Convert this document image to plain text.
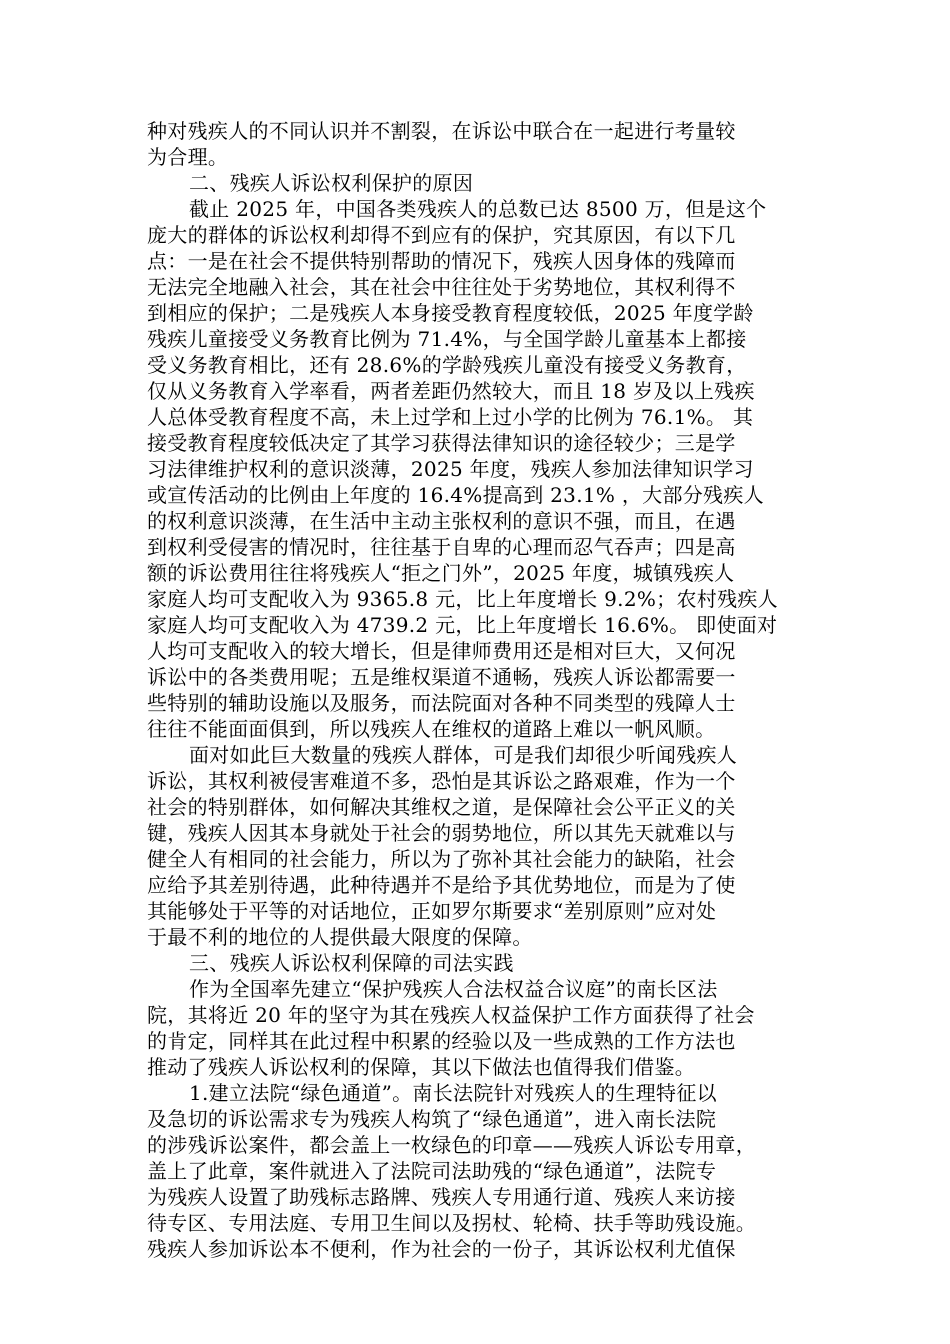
种对残疾人的不同认识并不割裂，在诉讼中联合在一起进行考量较
为合理。
二、残疾人诉讼权利保护的原因
截止 2025 年，中国各类残疾人的总数已达 8500 万，但是这个
庞大的群体的诉讼权利却得不到应有的保护，究其原因，有以下几
点：一是在社会不提供特别帮助的情况下，残疾人因身体的残障而
无法完全地融入社会，其在社会中往往处于劣势地位，其权利得不
到相应的保护；二是残疾人本身接受教育程度较低，2025 年度学龄
残疾儿童接受义务教育比例为 71.4%，与全国学龄儿童基本上都接
受义务教育相比，还有 28.6%的学龄残疾儿童没有接受义务教育，
仅从义务教育入学率看，两者差距仍然较大，而且 18 岁及以上残疾
人总体受教育程度不高，未上过学和上过小学的比例为 76.1%。 其
接受教育程度较低决定了其学习获得法律知识的途径较少；三是学
习法律维护权利的意识淡薄，2025 年度，残疾人参加法律知识学习
或宣传活动的比例由上年度的 16.4%提高到 23.1% ，大部分残疾人
的权利意识淡薄，在生活中主动主张权利的意识不强，而且，在遇
到权利受侵害的情况时，往往基于自卑的心理而忍气吞声；四是高
额的诉讼费用往往将残疾人“拒之门外”，2025 年度，城镇残疾人
家庭人均可支配收入为 9365.8 元，比上年度增长 9.2%；农村残疾人
家庭人均可支配收入为 4739.2 元，比上年度增长 16.6%。 即使面对
人均可支配收入的较大增长，但是律师费用还是相对巨大，又何况
诉讼中的各类费用呢；五是维权渠道不通畅，残疾人诉讼都需要一
些特别的辅助设施以及服务，而法院面对各种不同类型的残障人士
往往不能面面俱到，所以残疾人在维权的道路上难以一帆风顺。
面对如此巨大数量的残疾人群体，可是我们却很少听闻残疾人
诉讼，其权利被侵害难道不多，恐怕是其诉讼之路艰难，作为一个
社会的特别群体，如何解决其维权之道，是保障社会公平正义的关
键，残疾人因其本身就处于社会的弱势地位，所以其先天就难以与
健全人有相同的社会能力，所以为了弥补其社会能力的缺陷，社会
应给予其差别待遇，此种待遇并不是给予其优势地位，而是为了使
其能够处于平等的对话地位，正如罗尔斯要求“差别原则”应对处
于最不利的地位的人提供最大限度的保障。
三、残疾人诉讼权利保障的司法实践
作为全国率先建立“保护残疾人合法权益合议庭”的南长区法
院，其将近 20 年的坚守为其在残疾人权益保护工作方面获得了社会
的肯定，同样其在此过程中积累的经验以及一些成熟的工作方法也
推动了残疾人诉讼权利的保障，其以下做法也值得我们借鉴。
1.建立法院“绿色通道”。南长法院针对残疾人的生理特征以
及急切的诉讼需求专为残疾人构筑了“绿色通道”，进入南长法院
的涉残诉讼案件，都会盖上一枚绿色的印章——残疾人诉讼专用章，
盖上了此章，案件就进入了法院司法助残的“绿色通道”，法院专
为残疾人设置了助残标志路牌、残疾人专用通行道、残疾人来访接
待专区、专用法庭、专用卫生间以及拐杖、轮椅、扶手等助残设施。
残疾人参加诉讼本不便利，作为社会的一份子，其诉讼权利尤值保
